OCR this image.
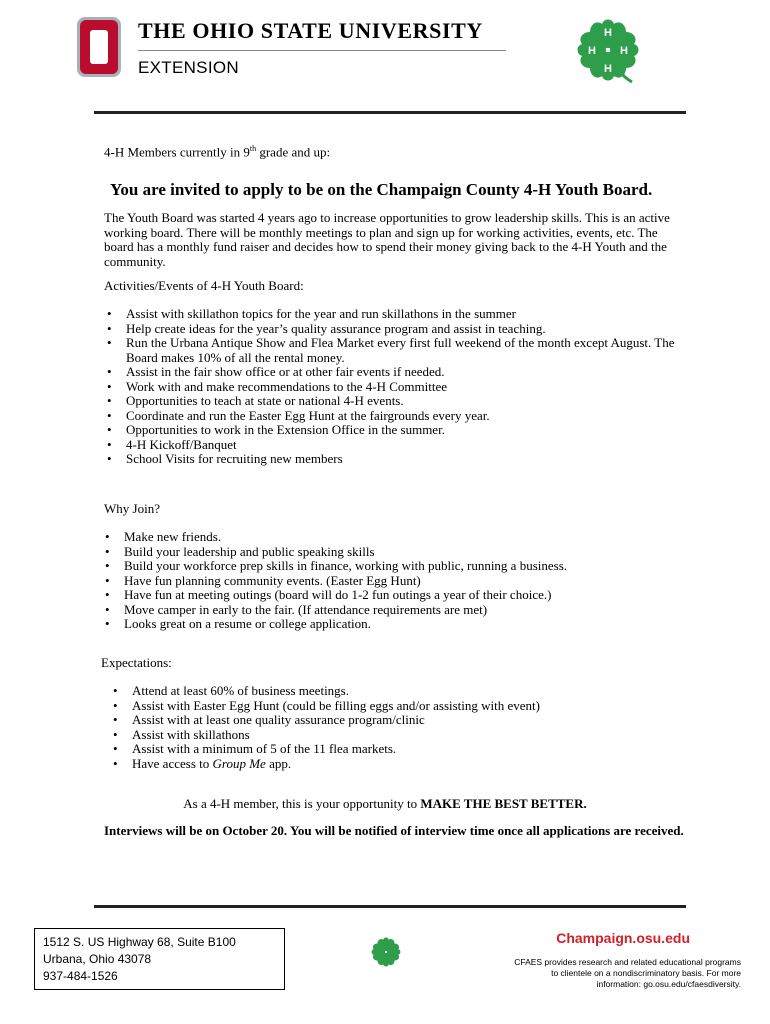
THE OHIO STATE UNIVERSITY
EXTENSION
H
H
H
H
4-H Members currently in 9th grade and up:
You are invited to apply to be on the Champaign County 4-H Youth Board.
The Youth Board was started 4 years ago to increase opportunities to grow leadership skills. This is an active working board. There will be monthly meetings to plan and sign up for working activities, events, etc. The board has a monthly fund raiser and decides how to spend their money giving back to the 4-H Youth and the community.
Activities/Events of 4-H Youth Board:
• Assist with skillathon topics for the year and run skillathons in the summer
• Help create ideas for the year’s quality assurance program and assist in teaching.
• Run the Urbana Antique Show and Flea Market every first full weekend of the month except August. The Board makes 10% of all the rental money.
• Assist in the fair show office or at other fair events if needed.
• Work with and make recommendations to the 4-H Committee
• Opportunities to teach at state or national 4-H events.
• Coordinate and run the Easter Egg Hunt at the fairgrounds every year.
• Opportunities to work in the Extension Office in the summer.
• 4-H Kickoff/Banquet
• School Visits for recruiting new members
Why Join?
• Make new friends.
• Build your leadership and public speaking skills
• Build your workforce prep skills in finance, working with public, running a business.
• Have fun planning community events. (Easter Egg Hunt)
• Have fun at meeting outings (board will do 1-2 fun outings a year of their choice.)
• Move camper in early to the fair. (If attendance requirements are met)
• Looks great on a resume or college application.
Expectations:
• Attend at least 60% of business meetings.
• Assist with Easter Egg Hunt (could be filling eggs and/or assisting with event)
• Assist with at least one quality assurance program/clinic
• Assist with skillathons
• Assist with a minimum of 5 of the 11 flea markets.
• Have access to Group Me app.
As a 4-H member, this is your opportunity to MAKE THE BEST BETTER.
Interviews will be on October 20. You will be notified of interview time once all applications are received.
1512 S. US Highway 68, Suite B100
Urbana, Ohio 43078
937-484-1526
Champaign.osu.edu
CFAES provides research and related educational programs to clientele on a nondiscriminatory basis. For more information: go.osu.edu/cfaesdiversity.
